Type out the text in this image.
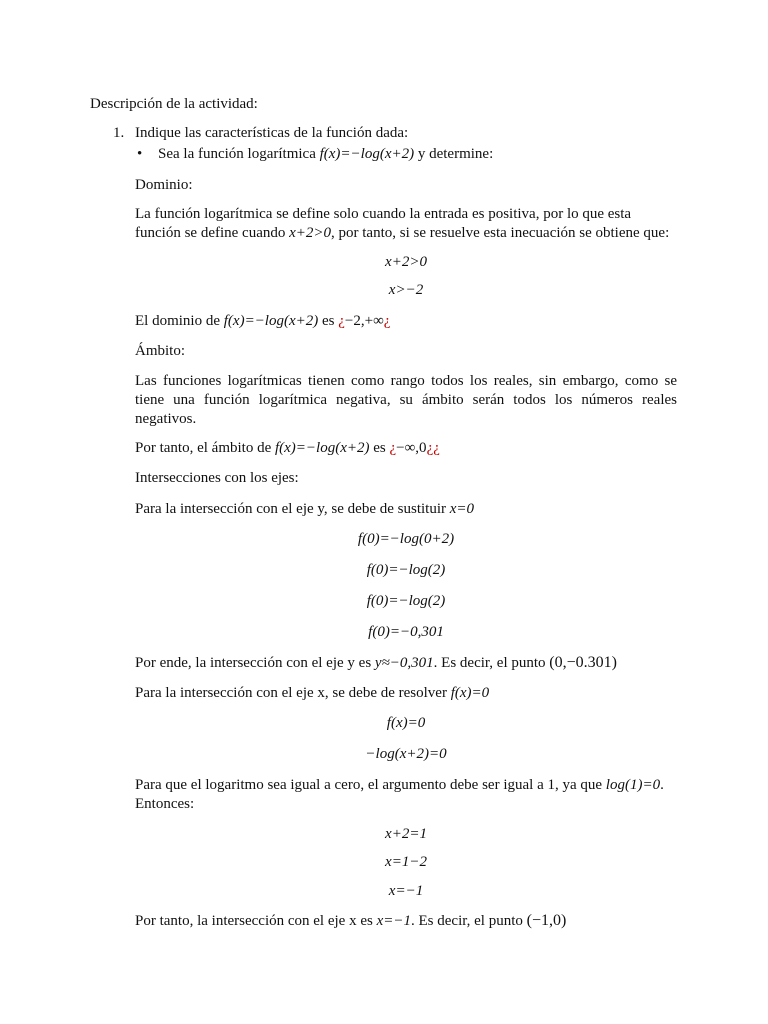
Descripción de la actividad:
1. Indique las características de la función dada:
• Sea la función logarítmica f(x)=−log(x+2) y determine:
Dominio:
La función logarítmica se define solo cuando la entrada es positiva, por lo que esta
función se define cuando x+2>0, por tanto, si se resuelve esta inecuación se obtiene que:
x+2>0
x>−2
El dominio de f(x)=−log(x+2) es ¿−2,+∞¿
Ámbito:
Las funciones logarítmicas tienen como rango todos los reales, sin embargo, como se tiene una función logarítmica negativa, su ámbito serán todos los números reales negativos.
Por tanto, el ámbito de f(x)=−log(x+2) es ¿−∞,0¿¿
Intersecciones con los ejes:
Para la intersección con el eje y, se debe de sustituir x=0
f(0)=−log(0+2)
f(0)=−log(2)
f(0)=−log(2)
f(0)=−0,301
Por ende, la intersección con el eje y es y≈−0,301. Es decir, el punto (0,−0.301)
Para la intersección con el eje x, se debe de resolver f(x)=0
f(x)=0
−log(x+2)=0
Para que el logaritmo sea igual a cero, el argumento debe ser igual a 1, ya que log(1)=0.
Entonces:
x+2=1
x=1−2
x=−1
Por tanto, la intersección con el eje x es x=−1. Es decir, el punto (−1,0)
